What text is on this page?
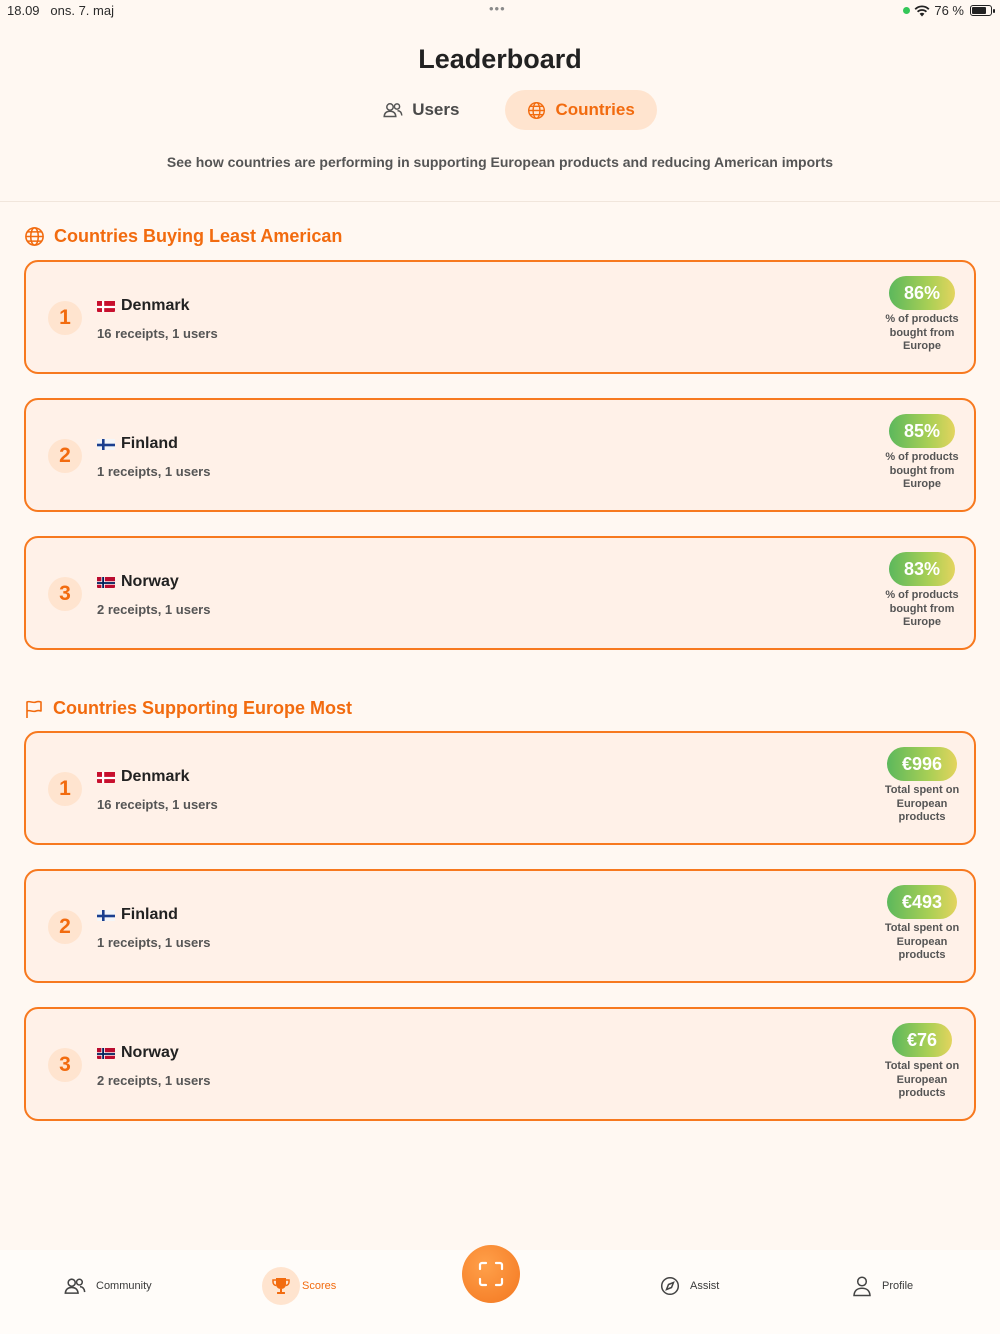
18.09 ons. 7. maj	•••	76 %
Leaderboard
Users	Countries
See how countries are performing in supporting European products and reducing American imports
Countries Buying Least American
1
Denmark
16 receipts, 1 users
86%
% of products
bought from
Europe
2
Finland
1 receipts, 1 users
85%
% of products
bought from
Europe
3
Norway
2 receipts, 1 users
83%
% of products
bought from
Europe
Countries Supporting Europe Most
1
Denmark
16 receipts, 1 users
€996
Total spent on
European
products
2
Finland
1 receipts, 1 users
€493
Total spent on
European
products
3
Norway
2 receipts, 1 users
€76
Total spent on
European
products
Community	Scores	Assist	Profile
